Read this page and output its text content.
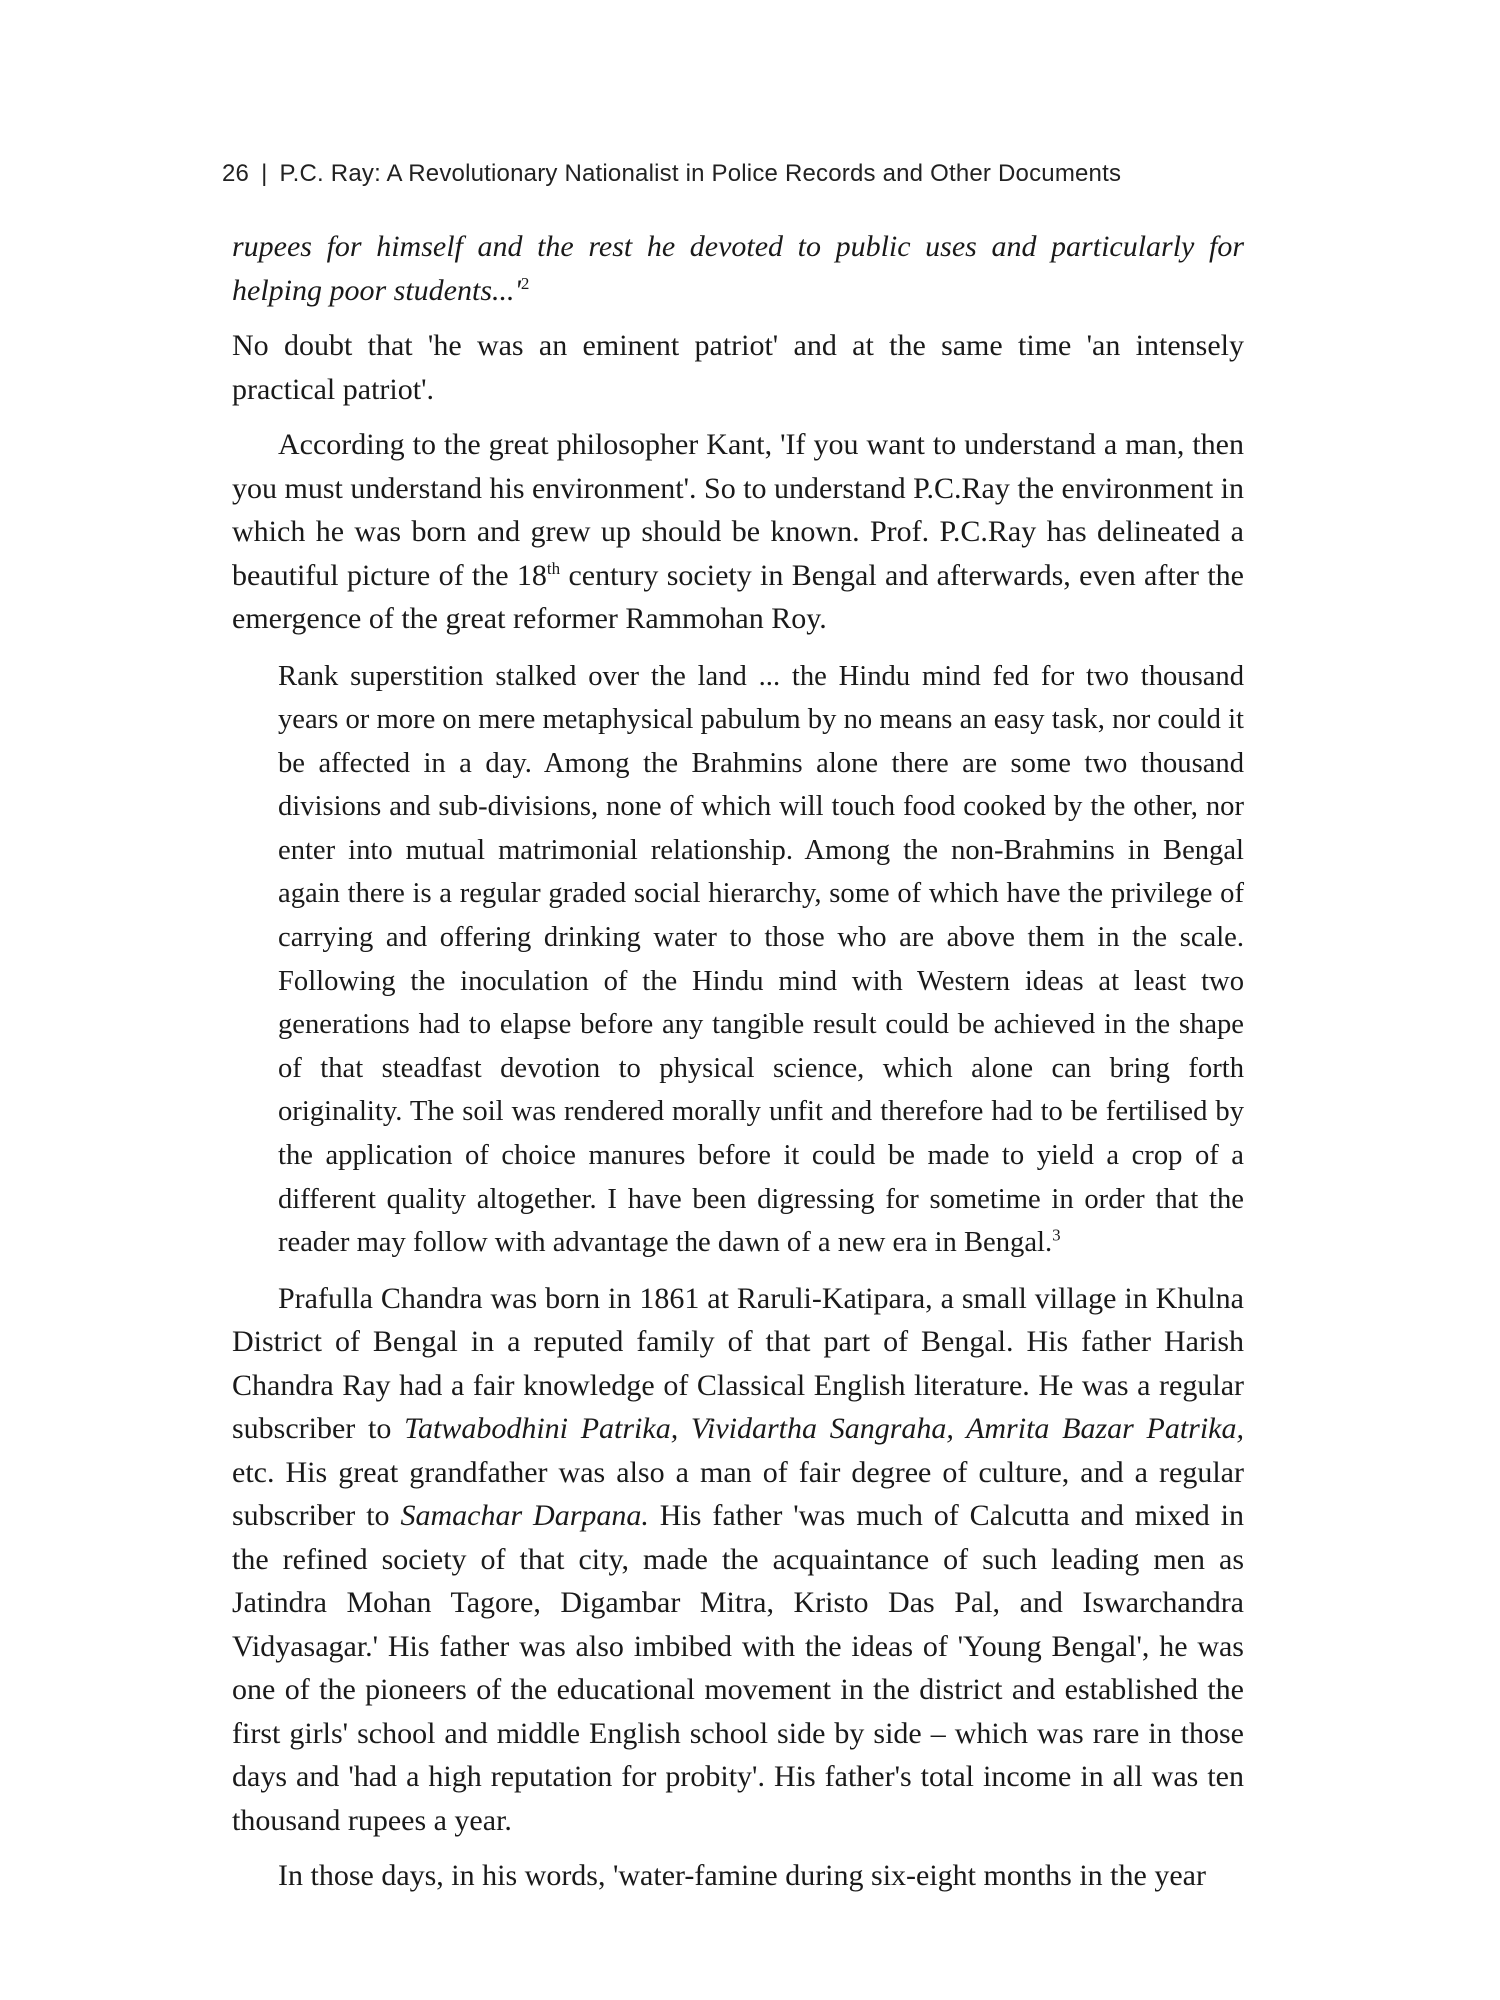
26 | P.C. Ray: A Revolutionary Nationalist in Police Records and Other Documents

rupees for himself and the rest he devoted to public uses and particularly for helping poor $students...'^2$

No doubt that 'he was an eminent patriot' and at the same time 'an intensely practical patriot'.

According to the great philosopher Kant, 'If you want to understand a man, then you must understand his environment'. So to understand P.C.Ray the environment in which he was born and grew up should be known. Prof. P.C.Ray has delineated a beautiful picture of the 18th century society in Bengal and afterwards, even after the emergence of the great reformer Rammohan Roy.

Rank superstition stalked over the land ... the Hindu mind fed for two thousand years or more on mere metaphysical pabulum by no means an easy task, nor could it be affected in a day. Among the Brahmins alone there are some two thousand divisions and sub-divisions, none of which will touch food cooked by the other, nor enter into mutual matrimonial relationship. Among the non-Brahmins in Bengal again there is a regular graded social hierarchy, some of which have the privilege of carrying and offering drinking water to those who are above them in the scale. Following the inoculation of the Hindu mind with Western ideas at least two generations had to elapse before any tangible result could be achieved in the shape of that steadfast devotion to physical science, which alone can bring forth originality. The soil was rendered morally unfit and therefore had to be fertilised by the application of choice manures before it could be made to yield a crop of a different quality altogether. I have been digressing for sometime in order that the reader may follow with advantage the dawn of a new era in Bengal.$^3$

Prafulla Chandra was born in 1861 at Raruli-Katipara, a small village in Khulna District of Bengal in a reputed family of that part of Bengal. His father Harish Chandra Ray had a fair knowledge of Classical English literature. He was a regular subscriber to Tatwabodhini Patrika, Vividartha Sangraha, Amrita Bazar Patrika, etc. His great grandfather was also a man of fair degree of culture, and a regular subscriber to Samachar Darpana. His father 'was much of Calcutta and mixed in the refined society of that city, made the acquaintance of such leading men as Jatindra Mohan Tagore, Digambar Mitra, Kristo Das Pal, and Iswarchandra Vidyasagar.' His father was also imbibed with the ideas of 'Young Bengal', he was one of the pioneers of the educational movement in the district and established the first girls' school and middle English school side by side – which was rare in those days and 'had a high reputation for probity'. His father's total income in all was ten thousand rupees a year.

In those days, in his words, 'water-famine during six-eight months in the year
